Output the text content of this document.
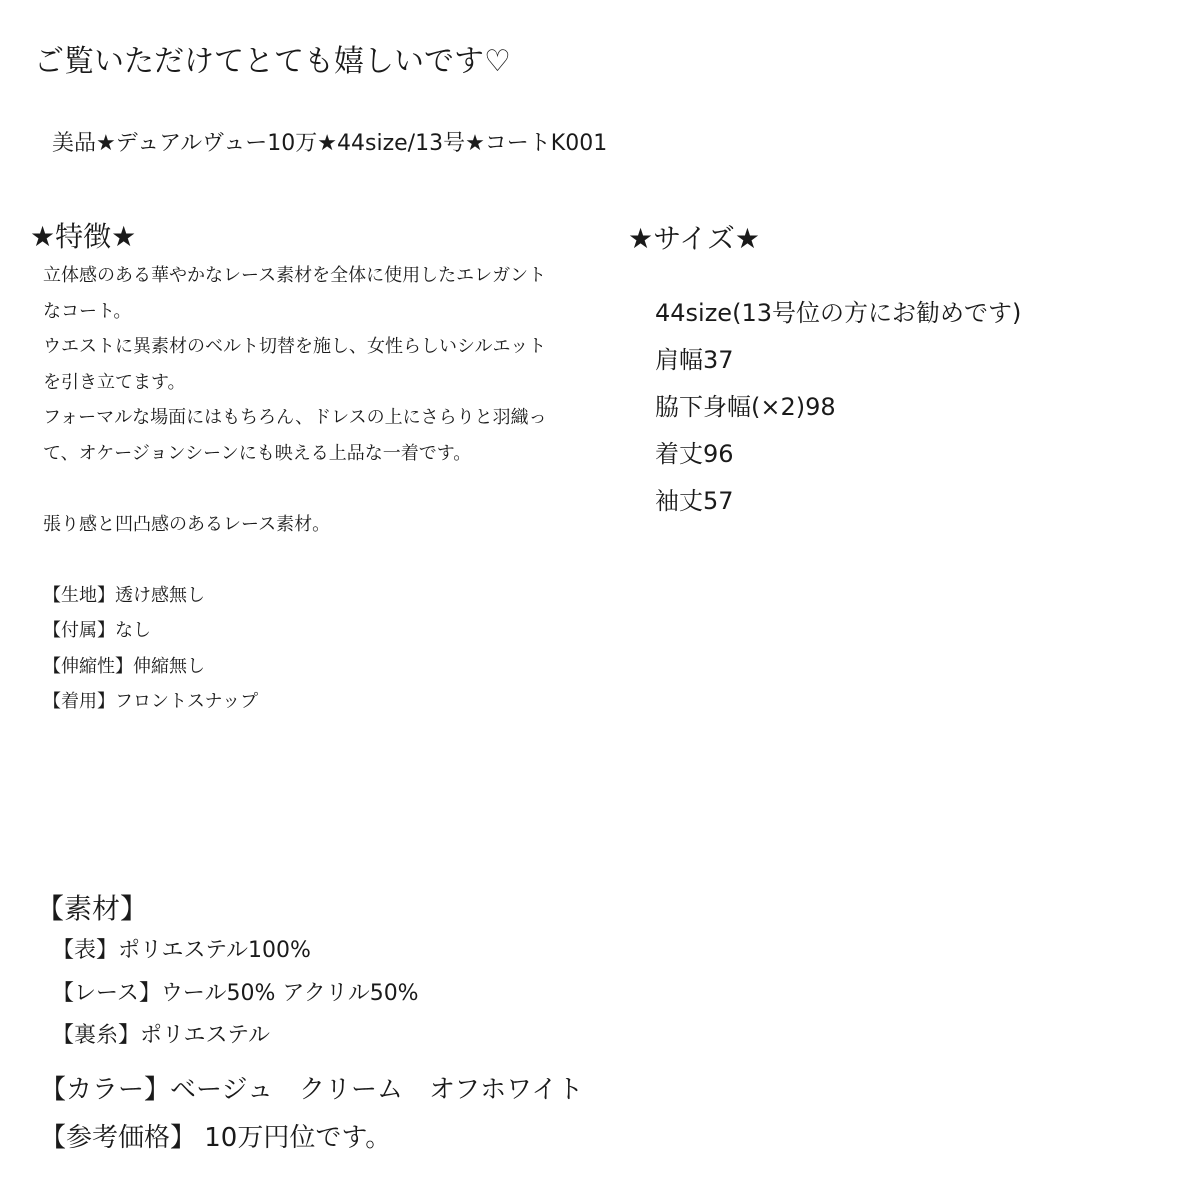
ご覧いただけてとても嬉しいです♡
美品★デュアルヴュー10万★44size/13号★コートK001
★特徴★
立体感のある華やかなレース素材を全体に使用したエレガント
なコート。
ウエストに異素材のベルト切替を施し、女性らしいシルエット
を引き立てます。
フォーマルな場面にはもちろん、ドレスの上にさらりと羽織っ
て、オケージョンシーンにも映える上品な一着です。
張り感と凹凸感のあるレース素材。
【生地】透け感無し
【付属】なし
【伸縮性】伸縮無し
【着用】フロントスナップ
★サイズ★
44size(13号位の方にお勧めです)
肩幅37
脇下身幅(×2)98
着丈96
袖丈57
【素材】
【表】ポリエステル100%
【レース】ウール50% アクリル50%
【裏糸】ポリエステル
【カラー】ベージュ　クリーム　オフホワイト
【参考価格】 10万円位です。
